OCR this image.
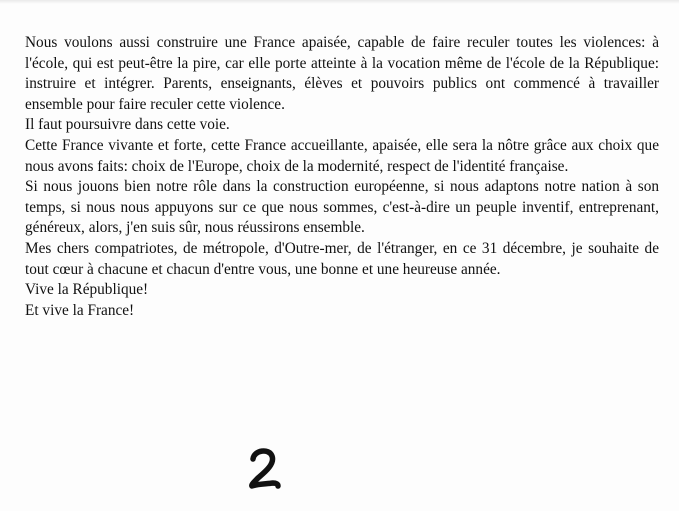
Nous voulons aussi construire une France apaisée, capable de faire reculer toutes les violences: à l'école, qui est peut-être la pire, car elle porte atteinte à la vocation même de l'école de la République: instruire et intégrer. Parents, enseignants, élèves et pouvoirs publics ont commencé à travailler ensemble pour faire reculer cette violence.

Il faut poursuivre dans cette voie.

Cette France vivante et forte, cette France accueillante, apaisée, elle sera la nôtre grâce aux choix que nous avons faits: choix de l'Europe, choix de la modernité, respect de l'identité française.

Si nous jouons bien notre rôle dans la construction européenne, si nous adaptons notre nation à son temps, si nous nous appuyons sur ce que nous sommes, c'est-à-dire un peuple inventif, entreprenant, généreux, alors, j'en suis sûr, nous réussirons ensemble.

Mes chers compatriotes, de métropole, d'Outre-mer, de l'étranger, en ce 31 décembre, je souhaite de tout cœur à chacune et chacun d'entre vous, une bonne et une heureuse année.

Vive la République!

Et vive la France!
